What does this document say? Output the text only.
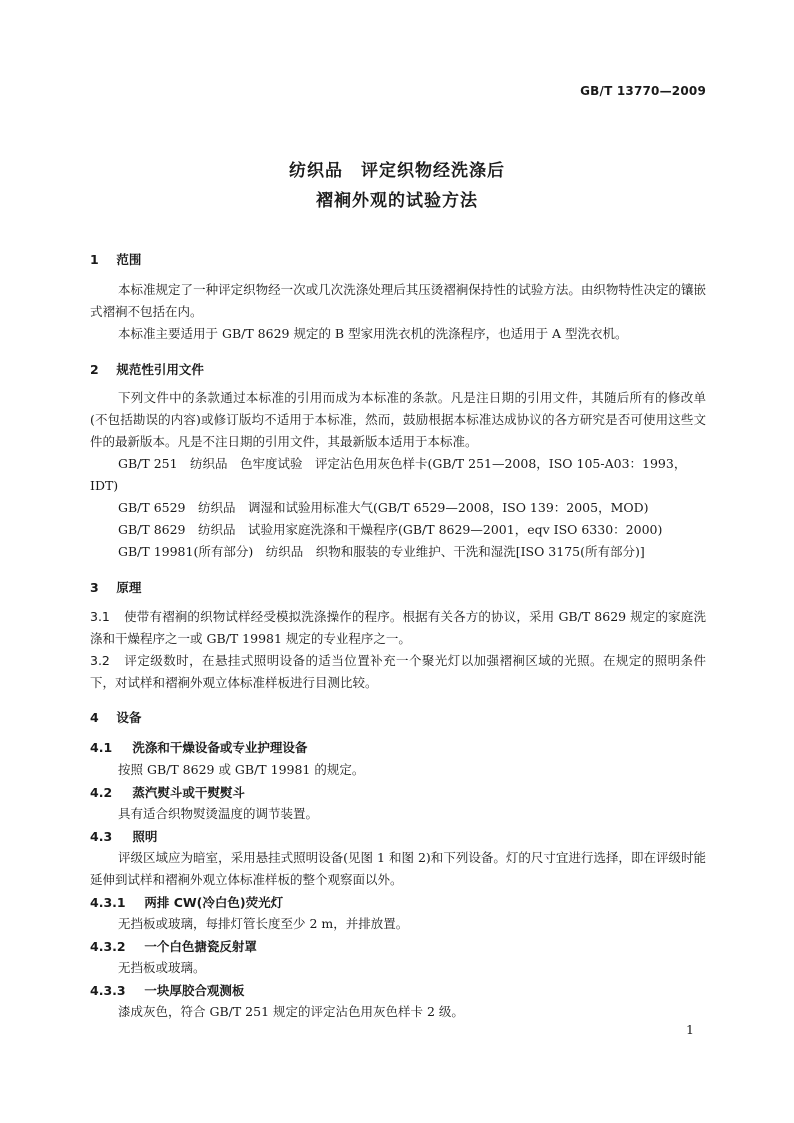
GB/T 13770—2009
纺织品　评定织物经洗涤后
褶裥外观的试验方法
1 范围
本标准规定了一种评定织物经一次或几次洗涤处理后其压烫褶裥保持性的试验方法。由织物特性决定的镶嵌式褶裥不包括在内。
本标准主要适用于 GB/T 8629 规定的 B 型家用洗衣机的洗涤程序，也适用于 A 型洗衣机。
2 规范性引用文件
下列文件中的条款通过本标准的引用而成为本标准的条款。凡是注日期的引用文件，其随后所有的修改单(不包括勘误的内容)或修订版均不适用于本标准，然而，鼓励根据本标准达成协议的各方研究是否可使用这些文件的最新版本。凡是不注日期的引用文件，其最新版本适用于本标准。
GB/T 251　纺织品　色牢度试验　评定沾色用灰色样卡(GB/T 251—2008，ISO 105-A03：1993，IDT)
GB/T 6529　纺织品　调湿和试验用标准大气(GB/T 6529—2008，ISO 139：2005，MOD)
GB/T 8629　纺织品　试验用家庭洗涤和干燥程序(GB/T 8629—2001，eqv ISO 6330：2000)
GB/T 19981(所有部分)　纺织品　织物和服装的专业维护、干洗和湿洗[ISO 3175(所有部分)]
3 原理
3.1 使带有褶裥的织物试样经受模拟洗涤操作的程序。根据有关各方的协议，采用 GB/T 8629 规定的家庭洗涤和干燥程序之一或 GB/T 19981 规定的专业程序之一。
3.2 评定级数时，在悬挂式照明设备的适当位置补充一个聚光灯以加强褶裥区域的光照。在规定的照明条件下，对试样和褶裥外观立体标准样板进行目测比较。
4 设备
4.1 洗涤和干燥设备或专业护理设备
按照 GB/T 8629 或 GB/T 19981 的规定。
4.2 蒸汽熨斗或干熨熨斗
具有适合织物熨烫温度的调节装置。
4.3 照明
评级区域应为暗室，采用悬挂式照明设备(见图 1 和图 2)和下列设备。灯的尺寸宜进行选择，即在评级时能延伸到试样和褶裥外观立体标准样板的整个观察面以外。
4.3.1 两排 CW(冷白色)荧光灯
无挡板或玻璃，每排灯管长度至少 2 m，并排放置。
4.3.2 一个白色搪瓷反射罩
无挡板或玻璃。
4.3.3 一块厚胶合观测板
漆成灰色，符合 GB/T 251 规定的评定沾色用灰色样卡 2 级。
1
